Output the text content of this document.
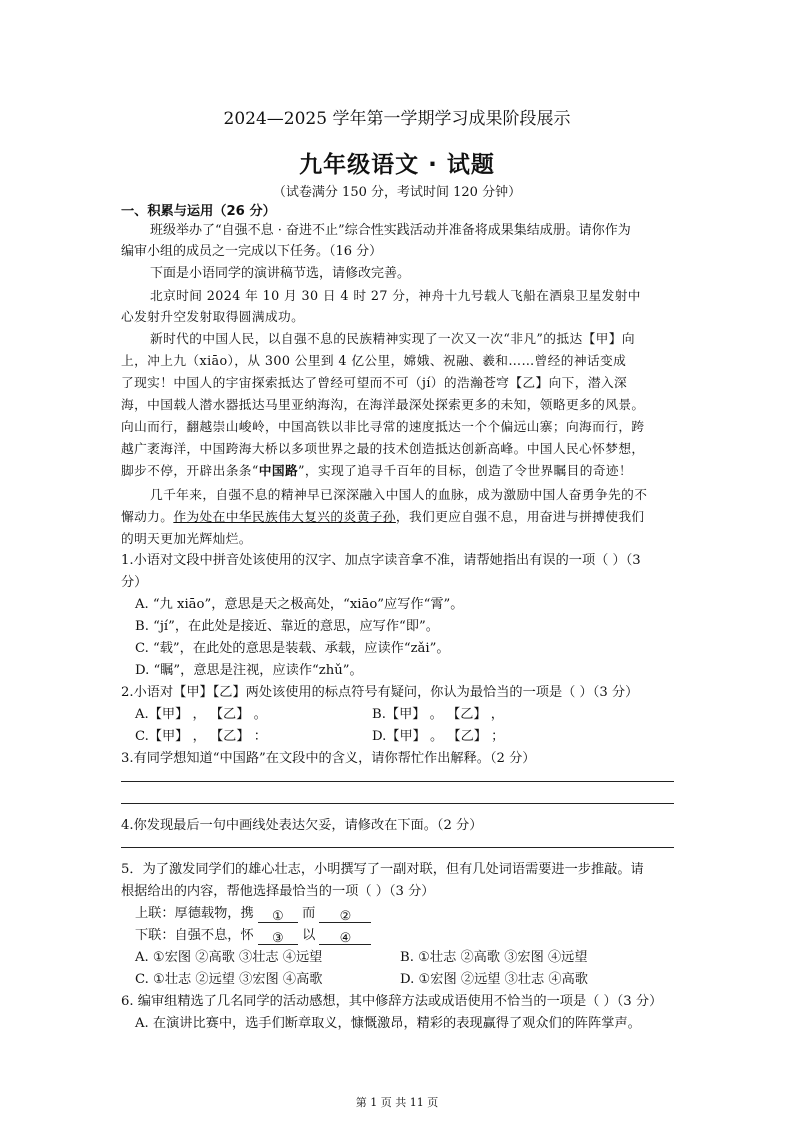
2024—2025 学年第一学期学习成果阶段展示
九年级语文 · 试题
（试卷满分 150 分，考试时间 120 分钟）
一、积累与运用（26 分）
班级举办了“自强不息 · 奋进不止”综合性实践活动并准备将成果集结成册。请你作为
编审小组的成员之一完成以下任务。（16 分）
下面是小语同学的演讲稿节选，请修改完善。
北京时间 2024 年 10 月 30 日 4 时 27 分，神舟十九号载人飞船在酒泉卫星发射中
心发射升空发射取得圆满成功。
新时代的中国人民，以自强不息的民族精神实现了一次又一次“非凡”的抵达【甲】向
上，冲上九（xiāo），从 300 公里到 4 亿公里，嫦娥、祝融、羲和……曾经的神话变成
了现实！中国人的宇宙探索抵达了曾经可望而不可（jí）的浩瀚苍穹【乙】向下，潜入深
海，中国载人潜水器抵达马里亚纳海沟，在海洋最深处探索更多的未知，领略更多的风景。
向山而行，翻越崇山峻岭，中国高铁以非比寻常的速度抵达一个个偏远山寨；向海而行，跨
越广袤海洋，中国跨海大桥以多项世界之最的技术创造抵达创新高峰。中国人民心怀梦想，
脚步不停，开辟出条条“中国路”，实现了追寻千百年的目标，创造了令世界瞩目的奇迹！
几千年来，自强不息的精神早已深深融入中国人的血脉，成为激励中国人奋勇争先的不
懈动力。作为处在中华民族伟大复兴的炎黄子孙，我们更应自强不息，用奋进与拼搏使我们
的明天更加光辉灿烂。
1.小语对文段中拼音处该使用的汉字、加点字读音拿不准，请帮她指出有误的一项（ ）（3
分）
A. “九 xiāo”，意思是天之极高处，“xiāo”应写作“霄”。
B. “jí”，在此处是接近、靠近的意思，应写作“即”。
C. “载”，在此处的意思是装载、承载，应读作“zǎi”。
D. “瞩”，意思是注视，应读作“zhǔ”。
2.小语对【甲】【乙】两处该使用的标点符号有疑问，你认为最恰当的一项是（ ）（3 分）
A.【甲】 ， 【乙】 。	B.【甲】 。 【乙】 ，
C.【甲】 ， 【乙】 ：	D.【甲】 。 【乙】 ；
3.有同学想知道“中国路”在文段中的含义，请你帮忙作出解释。（2 分）
4.你发现最后一句中画线处表达欠妥，请修改在下面。（2 分）
5．为了激发同学们的雄心壮志，小明撰写了一副对联，但有几处词语需要进一步推敲。请
根据给出的内容，帮他选择最恰当的一项（ ）（3 分）
上联：厚德载物，携 ① 而 ②
下联：自强不息，怀 ③ 以 ④
A. ①宏图 ②高歌 ③壮志 ④远望	B. ①壮志 ②高歌 ③宏图 ④远望
C. ①壮志 ②远望 ③宏图 ④高歌	D. ①宏图 ②远望 ③壮志 ④高歌
6. 编审组精选了几名同学的活动感想，其中修辞方法或成语使用不恰当的一项是（ ）（3 分）
A. 在演讲比赛中，选手们断章取义，慷慨激昂，精彩的表现赢得了观众们的阵阵掌声。
第 1 页 共 11 页
